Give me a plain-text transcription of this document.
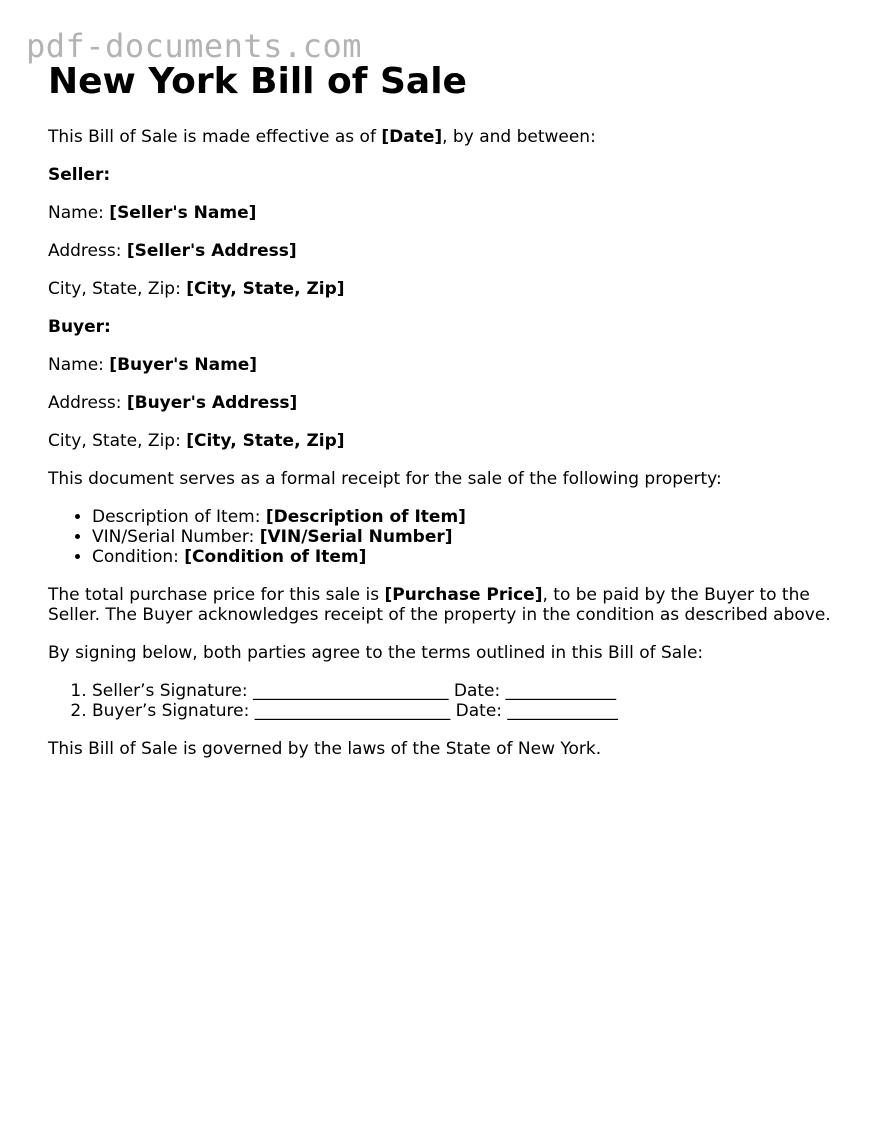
pdf-documents.com
New York Bill of Sale

This Bill of Sale is made effective as of [Date], by and between:

Seller:

Name: [Seller's Name]

Address: [Seller's Address]

City, State, Zip: [City, State, Zip]

Buyer:

Name: [Buyer's Name]

Address: [Buyer's Address]

City, State, Zip: [City, State, Zip]

This document serves as a formal receipt for the sale of the following property:

• Description of Item: [Description of Item]
• VIN/Serial Number: [VIN/Serial Number]
• Condition: [Condition of Item]

The total purchase price for this sale is [Purchase Price], to be paid by the Buyer to the Seller. The Buyer acknowledges receipt of the property in the condition as described above.

By signing below, both parties agree to the terms outlined in this Bill of Sale:

1. Seller’s Signature: _______________________ Date: _____________
2. Buyer’s Signature: _______________________ Date: _____________

This Bill of Sale is governed by the laws of the State of New York.
